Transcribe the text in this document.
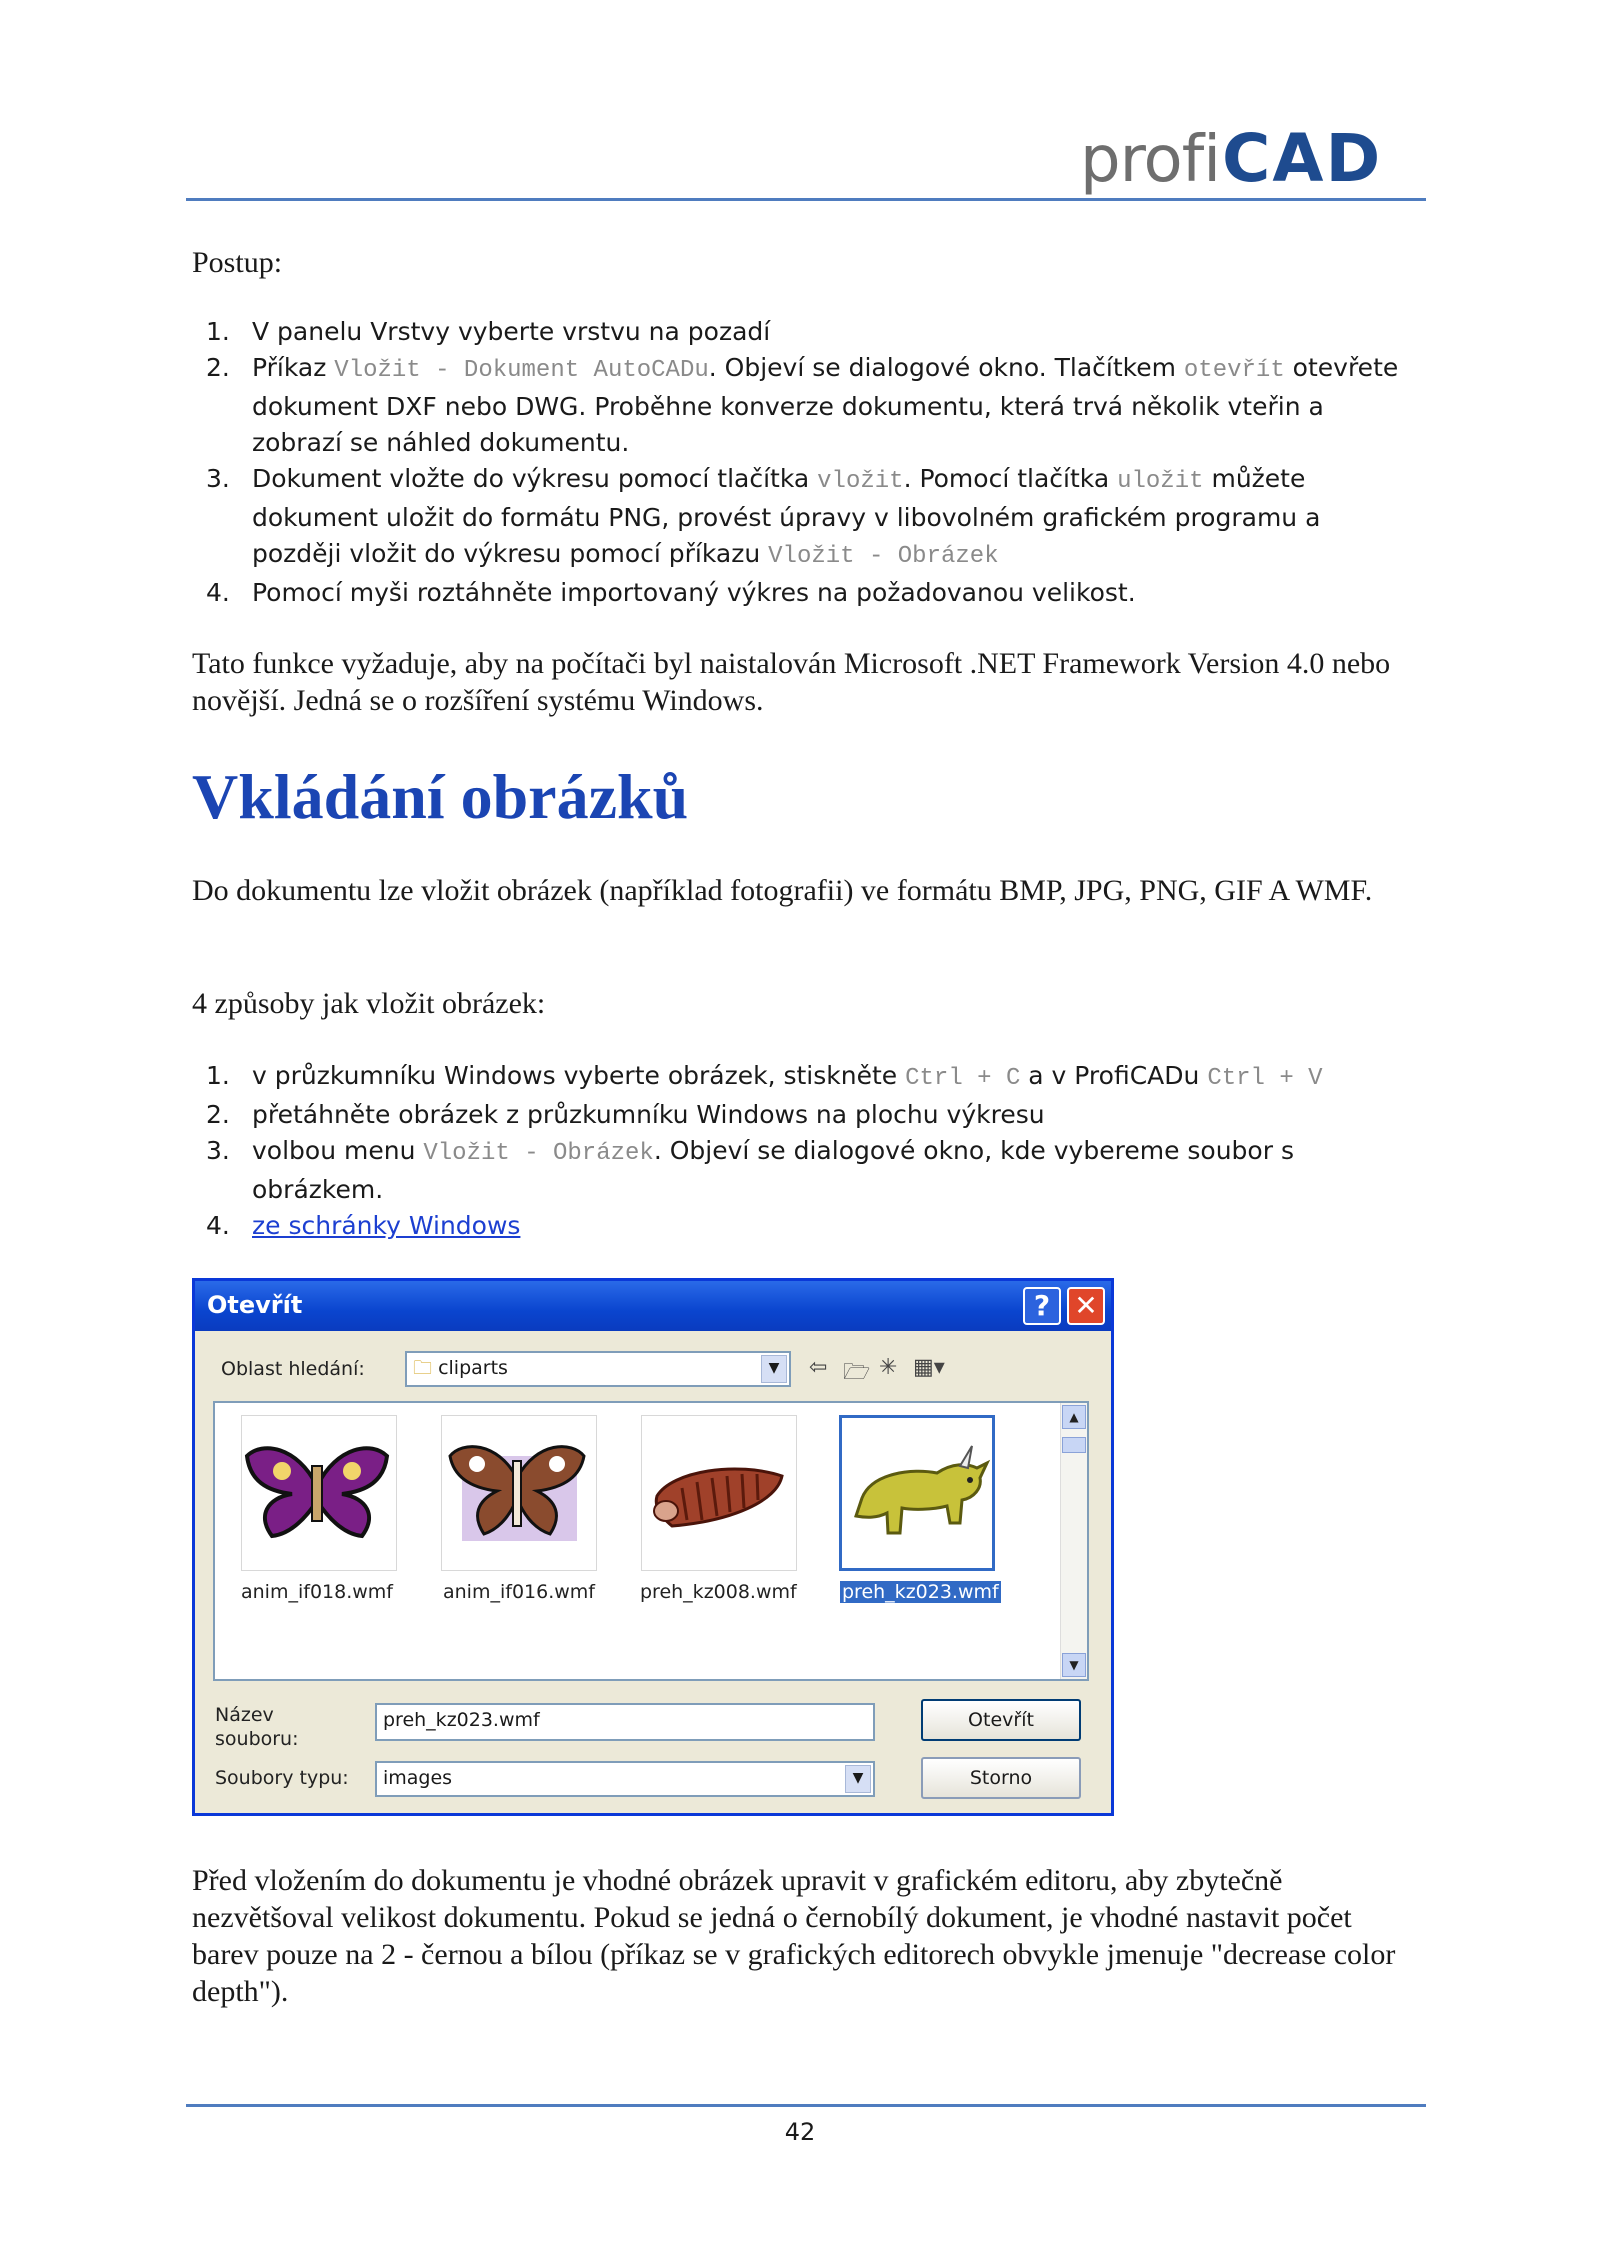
profi CAD
Postup:
1. V panelu Vrstvy vyberte vrstvu na pozadí
2. Příkaz Vložit - Dokument AutoCADu. Objeví se dialogové okno. Tlačítkem otevřít otevřete dokument DXF nebo DWG. Proběhne konverze dokumentu, která trvá několik vteřin a zobrazí se náhled dokumentu.
3. Dokument vložte do výkresu pomocí tlačítka vložit. Pomocí tlačítka uložit můžete dokument uložit do formátu PNG, provést úpravy v libovolném grafickém programu a později vložit do výkresu pomocí příkazu Vložit - Obrázek
4. Pomocí myši roztáhněte importovaný výkres na požadovanou velikost.
Tato funkce vyžaduje, aby na počítači byl naistalován Microsoft .NET Framework Version 4.0 nebo novější. Jedná se o rozšíření systému Windows.
Vkládání obrázků
Do dokumentu lze vložit obrázek (například fotografii) ve formátu BMP, JPG, PNG, GIF A WMF.
4 způsoby jak vložit obrázek:
1. v průzkumníku Windows vyberte obrázek, stiskněte Ctrl + C a v ProfiCADu Ctrl + V
2. přetáhněte obrázek z průzkumníku Windows na plochu výkresu
3. volbou menu Vložit - Obrázek. Objeví se dialogové okno, kde vybereme soubor s obrázkem.
4. ze schránky Windows
Otevřít	? ✕
Oblast hledání:	🗀 cliparts	▼	⇦ 🗁 ✳ ▦▾
anim_if018.wmf	anim_if016.wmf preh_kz008.wmf preh_kz023.wmf
▲
▼
Název souboru:
preh_kz023.wmf
Soubory typu:	images	▼
Otevřít
Storno
Před vložením do dokumentu je vhodné obrázek upravit v grafickém editoru, aby zbytečně nezvětšoval velikost dokumentu. Pokud se jedná o černobílý dokument, je vhodné nastavit počet barev pouze na 2 - černou a bílou (příkaz se v grafických editorech obvykle jmenuje "decrease color depth").
42
